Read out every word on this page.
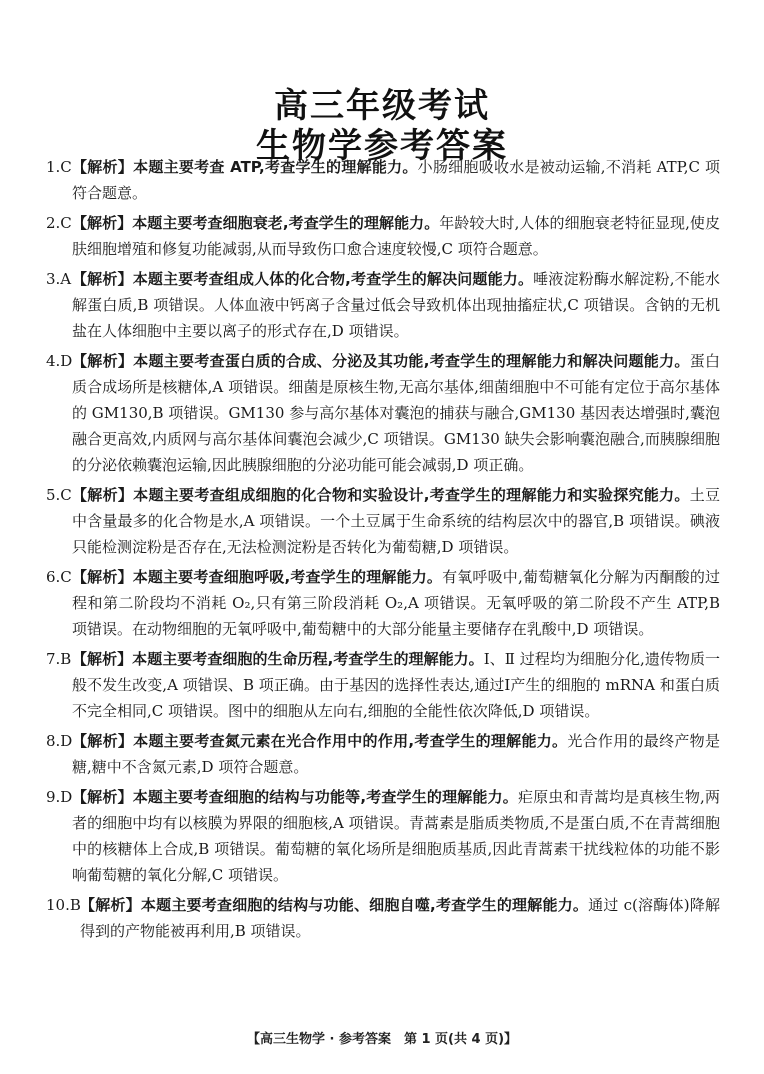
高三年级考试
生物学参考答案
1.C 【解析】本题主要考查 ATP,考查学生的理解能力。小肠细胞吸收水是被动运输,不消耗 ATP,C 项符合题意。
2.C 【解析】本题主要考查细胞衰老,考查学生的理解能力。年龄较大时,人体的细胞衰老特征显现,使皮肤细胞增殖和修复功能减弱,从而导致伤口愈合速度较慢,C 项符合题意。
3.A 【解析】本题主要考查组成人体的化合物,考查学生的解决问题能力。唾液淀粉酶水解淀粉,不能水解蛋白质,B 项错误。人体血液中钙离子含量过低会导致机体出现抽搐症状,C 项错误。含钠的无机盐在人体细胞中主要以离子的形式存在,D 项错误。
4.D 【解析】本题主要考查蛋白质的合成、分泌及其功能,考查学生的理解能力和解决问题能力。蛋白质合成场所是核糖体,A 项错误。细菌是原核生物,无高尔基体,细菌细胞中不可能有定位于高尔基体的 GM130,B 项错误。GM130 参与高尔基体对囊泡的捕获与融合,GM130 基因表达增强时,囊泡融合更高效,内质网与高尔基体间囊泡会减少,C 项错误。GM130 缺失会影响囊泡融合,而胰腺细胞的分泌依赖囊泡运输,因此胰腺细胞的分泌功能可能会减弱,D 项正确。
5.C 【解析】本题主要考查组成细胞的化合物和实验设计,考查学生的理解能力和实验探究能力。土豆中含量最多的化合物是水,A 项错误。一个土豆属于生命系统的结构层次中的器官,B 项错误。碘液只能检测淀粉是否存在,无法检测淀粉是否转化为葡萄糖,D 项错误。
6.C 【解析】本题主要考查细胞呼吸,考查学生的理解能力。有氧呼吸中,葡萄糖氧化分解为丙酮酸的过程和第二阶段均不消耗 O₂,只有第三阶段消耗 O₂,A 项错误。无氧呼吸的第二阶段不产生 ATP,B 项错误。在动物细胞的无氧呼吸中,葡萄糖中的大部分能量主要储存在乳酸中,D 项错误。
7.B 【解析】本题主要考查细胞的生命历程,考查学生的理解能力。Ⅰ、Ⅱ 过程均为细胞分化,遗传物质一般不发生改变,A 项错误、B 项正确。由于基因的选择性表达,通过Ⅰ产生的细胞的 mRNA 和蛋白质不完全相同,C 项错误。图中的细胞从左向右,细胞的全能性依次降低,D 项错误。
8.D 【解析】本题主要考查氮元素在光合作用中的作用,考查学生的理解能力。光合作用的最终产物是糖,糖中不含氮元素,D 项符合题意。
9.D 【解析】本题主要考查细胞的结构与功能等,考查学生的理解能力。疟原虫和青蒿均是真核生物,两者的细胞中均有以核膜为界限的细胞核,A 项错误。青蒿素是脂质类物质,不是蛋白质,不在青蒿细胞中的核糖体上合成,B 项错误。葡萄糖的氧化场所是细胞质基质,因此青蒿素干扰线粒体的功能不影响葡萄糖的氧化分解,C 项错误。
10.B 【解析】本题主要考查细胞的结构与功能、细胞自噬,考查学生的理解能力。通过 c(溶酶体)降解得到的产物能被再利用,B 项错误。
【高三生物学 · 参考答案　第 1 页(共 4 页)】
